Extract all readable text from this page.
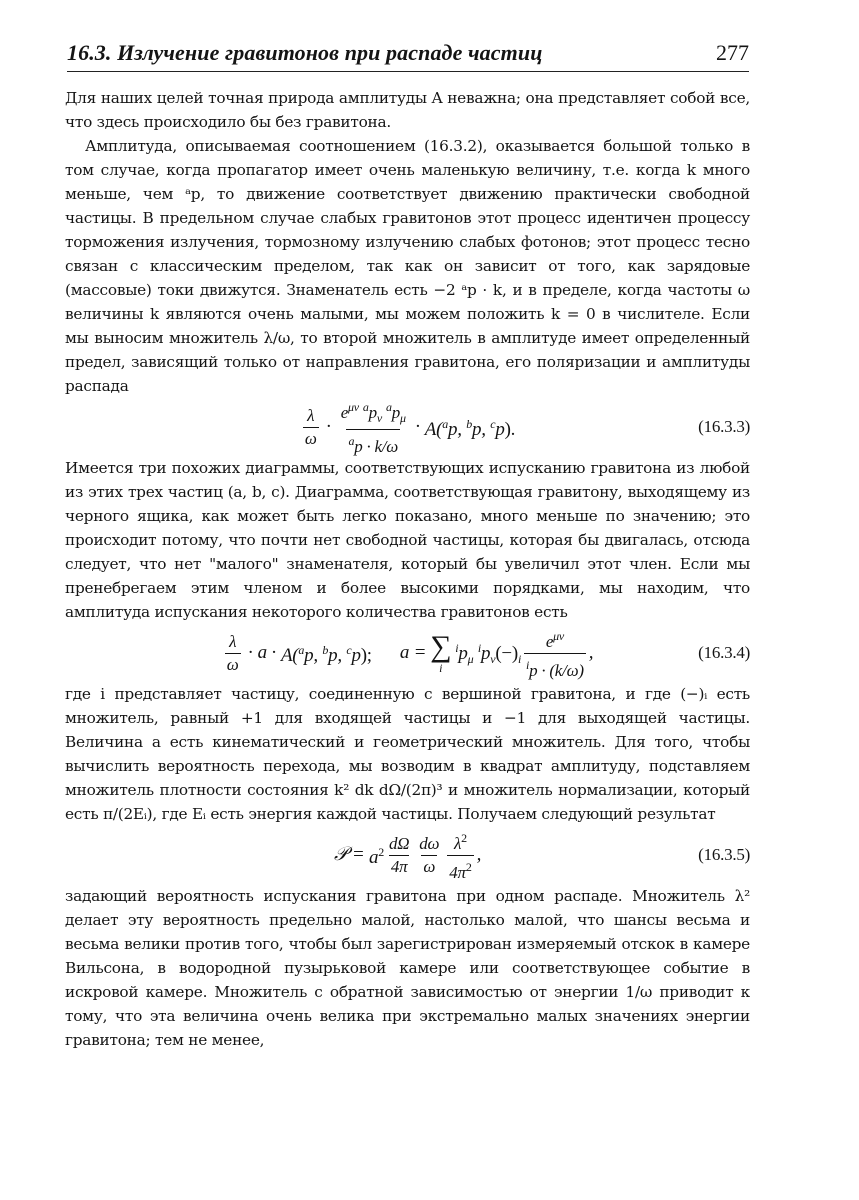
16.3. Излучение гравитонов при распаде частиц	277

Для наших целей точная природа амплитуды A неважна; она представляет собой все, что здесь происходило бы без гравитона.

Амплитуда, описываемая соотношением (16.3.2), оказывается большой только в том случае, когда пропагатор имеет очень маленькую величину, т.е. когда k много меньше, чем ᵃp, то движение соответствует движению практически свободной частицы. В предельном случае слабых гравитонов этот процесс идентичен процессу торможения излучения, тормозному излучению слабых фотонов; этот процесс тесно связан с классическим пределом, так как он зависит от того, как зарядовые (массовые) токи движутся. Знаменатель есть −2 ᵃp · k, и в пределе, когда частоты ω величины k являются очень малыми, мы можем положить k = 0 в числителе. Если мы выносим множитель λ/ω, то второй множитель в амплитуде имеет определенный предел, зависящий только от направления гравитона, его поляризации и амплитуды распада

$\frac{\lambda}{\omega} \cdot \frac{e^{\mu\nu} ^ap_\nu ^ap_\mu}{^ap \cdot k/\omega} \cdot A(^ap$, $^b$p, $^c$p).	(16.3.3)

Имеется три похожих диаграммы, соответствующих испусканию гравитона из любой из этих трех частиц (a, b, c). Диаграмма, соответствующая гравитону, выходящему из черного ящика, как может быть легко показано, много меньше по значению; это происходит потому, что почти нет свободной частицы, которая бы двигалась, отсюда следует, что нет "малого" знаменателя, который бы увеличил этот член. Если мы пренебрегаем этим членом и более высокими порядками, мы находим, что амплитуда испускания некоторого количества гравитонов есть

$\frac{\lambda}{\omega} \cdot a \cdot A(^ap$, $^b$p, $^c$p); a = ∑
i
$^ip_\mu$ $^ip_\nu(-)_i \frac{e^{\mu\nu}}{^ip \cdot (k/\omega)}$ ,	(16.3.4)

где i представляет частицу, соединенную с вершиной гравитона, и где (−)ᵢ есть множитель, равный +1 для входящей частицы и −1 для выходящей частицы. Величина a есть кинематический и геометрический множитель. Для того, чтобы вычислить вероятность перехода, мы возводим в квадрат амплитуду, подставляем множитель плотности состояния k² dk dΩ/(2π)³ и множитель нормализации, который есть π/(2Eᵢ), где Eᵢ есть энергия каждой частицы. Получаем следующий результат

𝒫 =
$a^2 \frac{d\Omega}{4\pi} \frac{d\omega}{\omega} \frac{\lambda^2}{4\pi^2}$ ,	(16.3.5)

задающий вероятность испускания гравитона при одном распаде. Множитель λ² делает эту вероятность предельно малой, настолько малой, что шансы весьма и весьма велики против того, чтобы был зарегистрирован измеряемый отскок в камере Вильсона, в водородной пузырьковой камере или соответствующее событие в искровой камере. Множитель с обратной зависимостью от энергии 1/ω приводит к тому, что эта величина очень велика при экстремально малых значениях энергии гравитона; тем не менее,
